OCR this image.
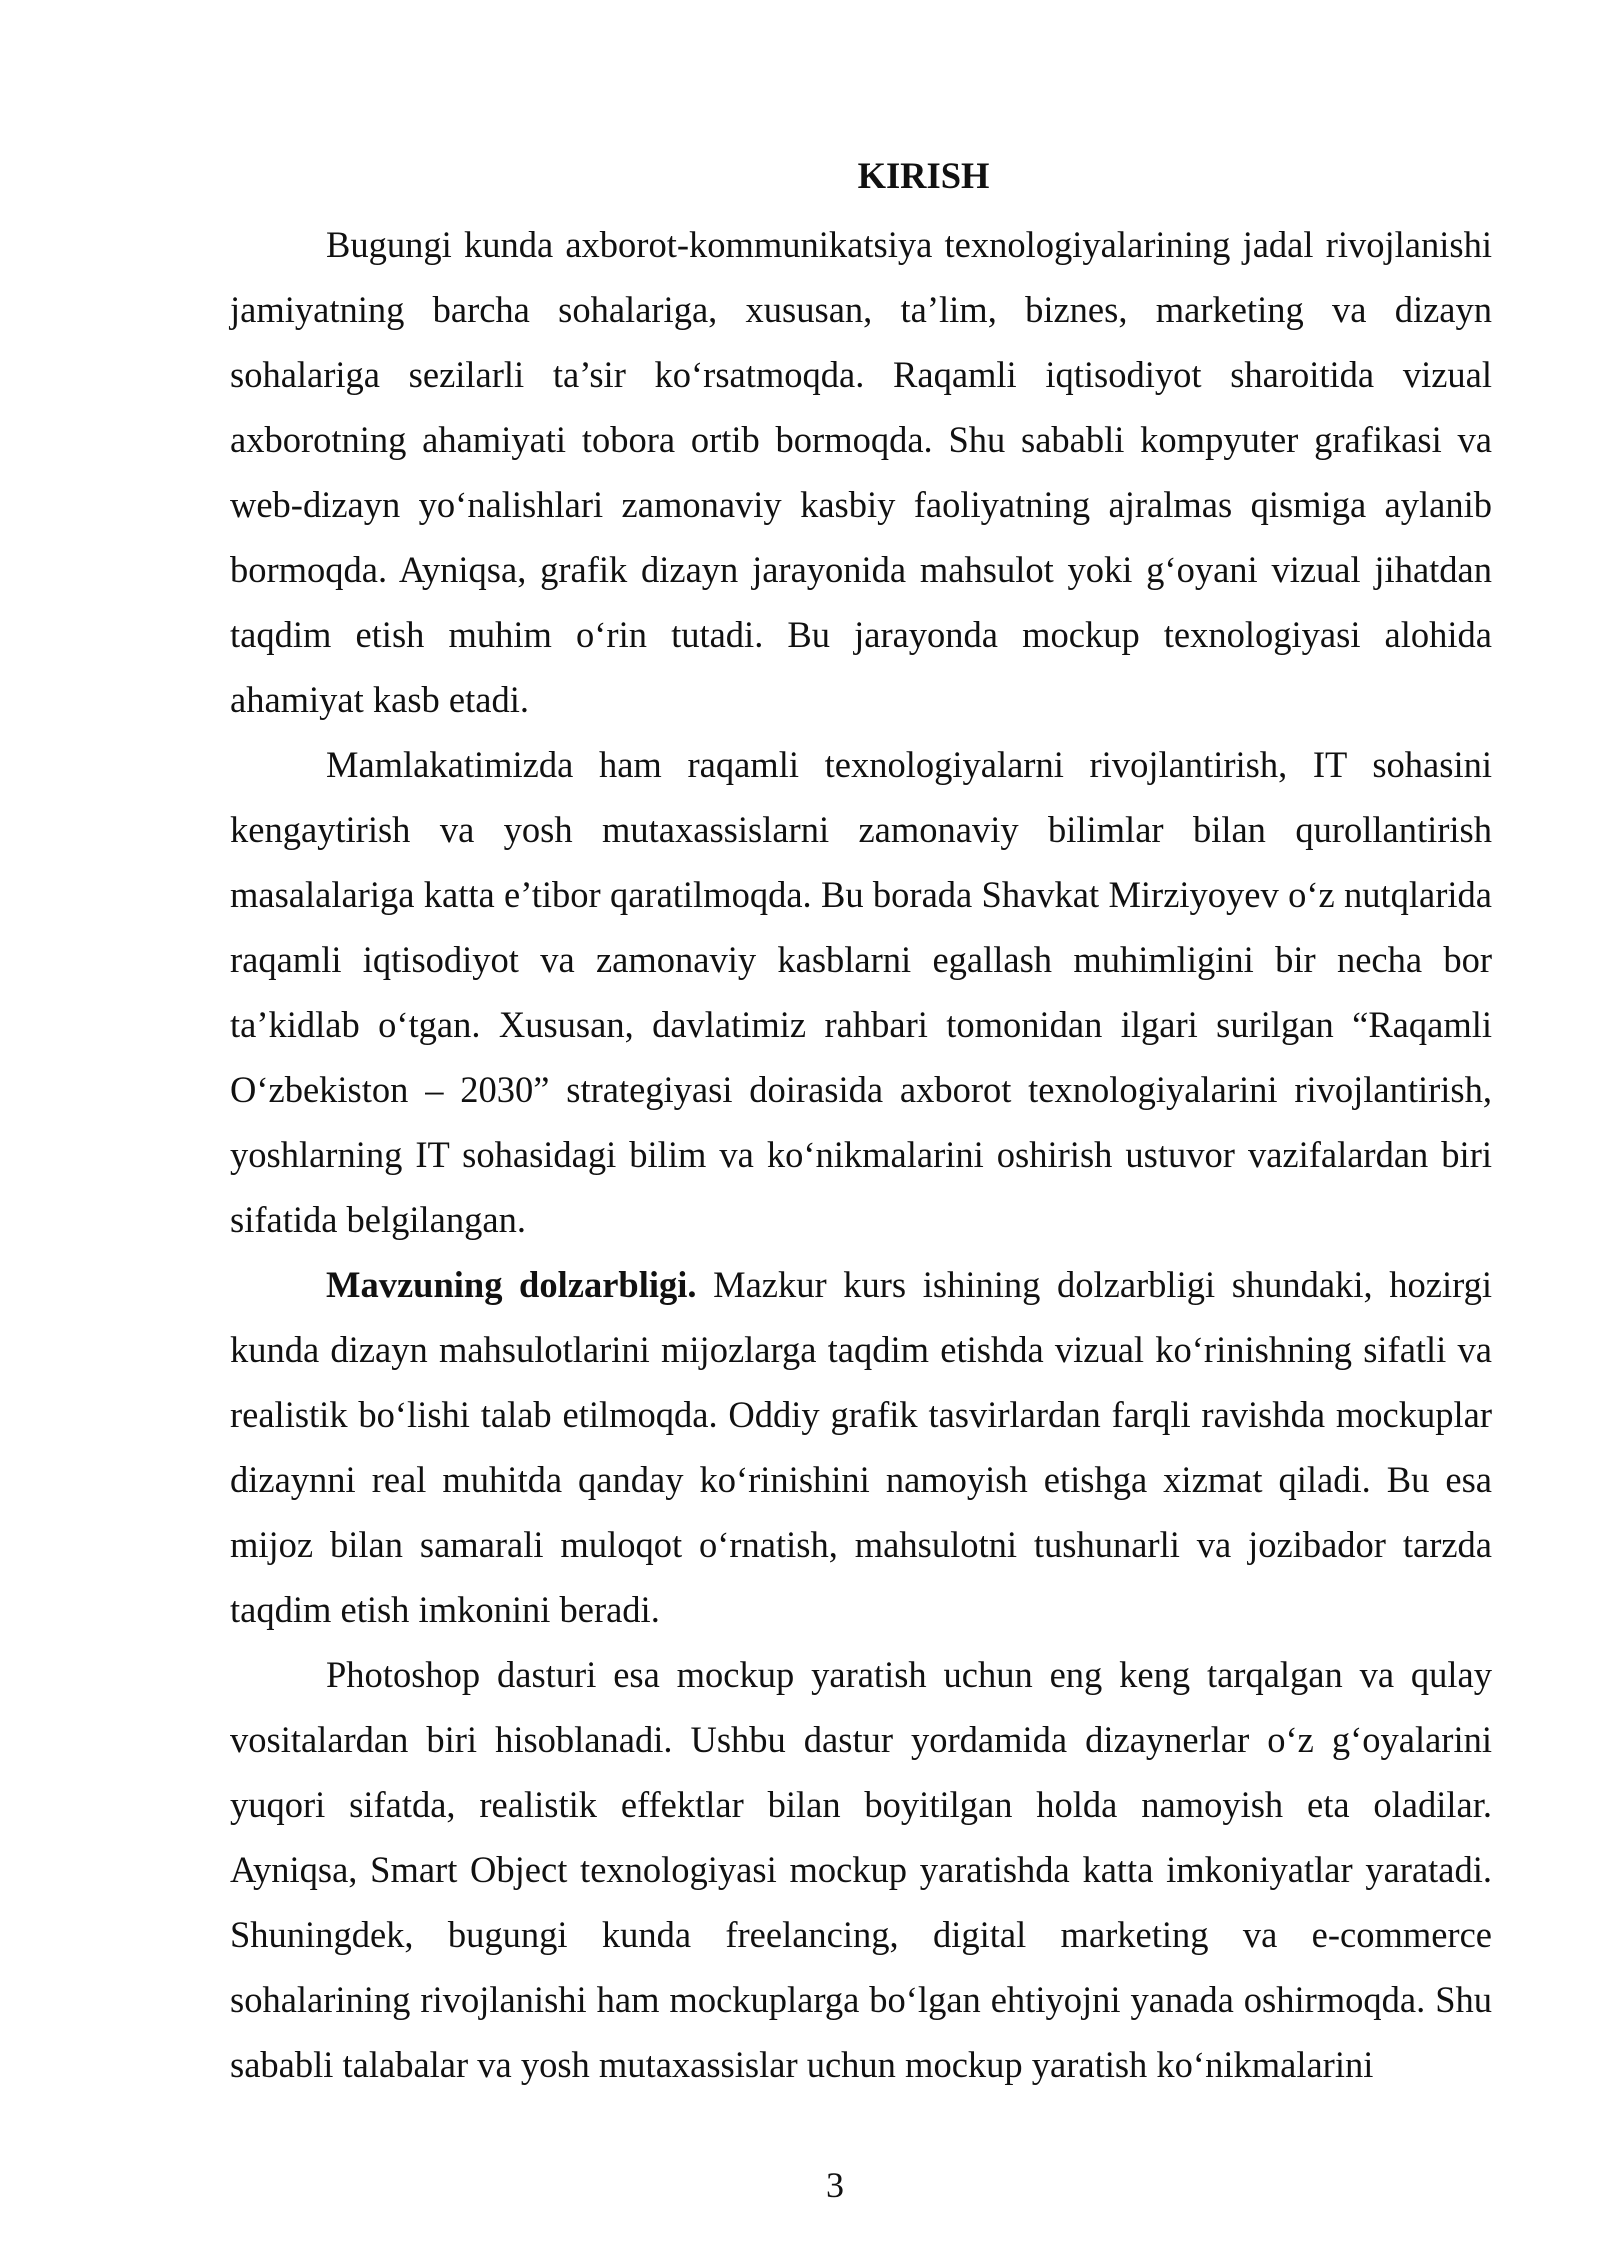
KIRISH

Bugungi kunda axborot-kommunikatsiya texnologiyalarining jadal rivojlanishi jamiyatning barcha sohalariga, xususan, ta’lim, biznes, marketing va dizayn sohalariga sezilarli ta’sir ko‘rsatmoqda. Raqamli iqtisodiyot sharoitida vizual axborotning ahamiyati tobora ortib bormoqda. Shu sababli kompyuter grafikasi va web-dizayn yo‘nalishlari zamonaviy kasbiy faoliyatning ajralmas qismiga aylanib bormoqda. Ayniqsa, grafik dizayn jarayonida mahsulot yoki g‘oyani vizual jihatdan taqdim etish muhim o‘rin tutadi. Bu jarayonda mockup texnologiyasi alohida ahamiyat kasb etadi.

Mamlakatimizda ham raqamli texnologiyalarni rivojlantirish, IT sohasini kengaytirish va yosh mutaxassislarni zamonaviy bilimlar bilan qurollantirish masalalariga katta e’tibor qaratilmoqda. Bu borada Shavkat Mirziyoyev o‘z nutqlarida raqamli iqtisodiyot va zamonaviy kasblarni egallash muhimligini bir necha bor ta’kidlab o‘tgan. Xususan, davlatimiz rahbari tomonidan ilgari surilgan “Raqamli O‘zbekiston – 2030” strategiyasi doirasida axborot texnologiyalarini rivojlantirish, yoshlarning IT sohasidagi bilim va ko‘nikmalarini oshirish ustuvor vazifalardan biri sifatida belgilangan.

Mavzuning dolzarbligi. Mazkur kurs ishining dolzarbligi shundaki, hozirgi kunda dizayn mahsulotlarini mijozlarga taqdim etishda vizual ko‘rinishning sifatli va realistik bo‘lishi talab etilmoqda. Oddiy grafik tasvirlardan farqli ravishda mockuplar dizaynni real muhitda qanday ko‘rinishini namoyish etishga xizmat qiladi. Bu esa mijoz bilan samarali muloqot o‘rnatish, mahsulotni tushunarli va jozibador tarzda taqdim etish imkonini beradi.

Photoshop dasturi esa mockup yaratish uchun eng keng tarqalgan va qulay vositalardan biri hisoblanadi. Ushbu dastur yordamida dizaynerlar o‘z g‘oyalarini yuqori sifatda, realistik effektlar bilan boyitilgan holda namoyish eta oladilar. Ayniqsa, Smart Object texnologiyasi mockup yaratishda katta imkoniyatlar yaratadi. Shuningdek, bugungi kunda freelancing, digital marketing va e-commerce sohalarining rivojlanishi ham mockuplarga bo‘lgan ehtiyojni yanada oshirmoqda. Shu sababli talabalar va yosh mutaxassislar uchun mockup yaratish ko‘nikmalarini

3
